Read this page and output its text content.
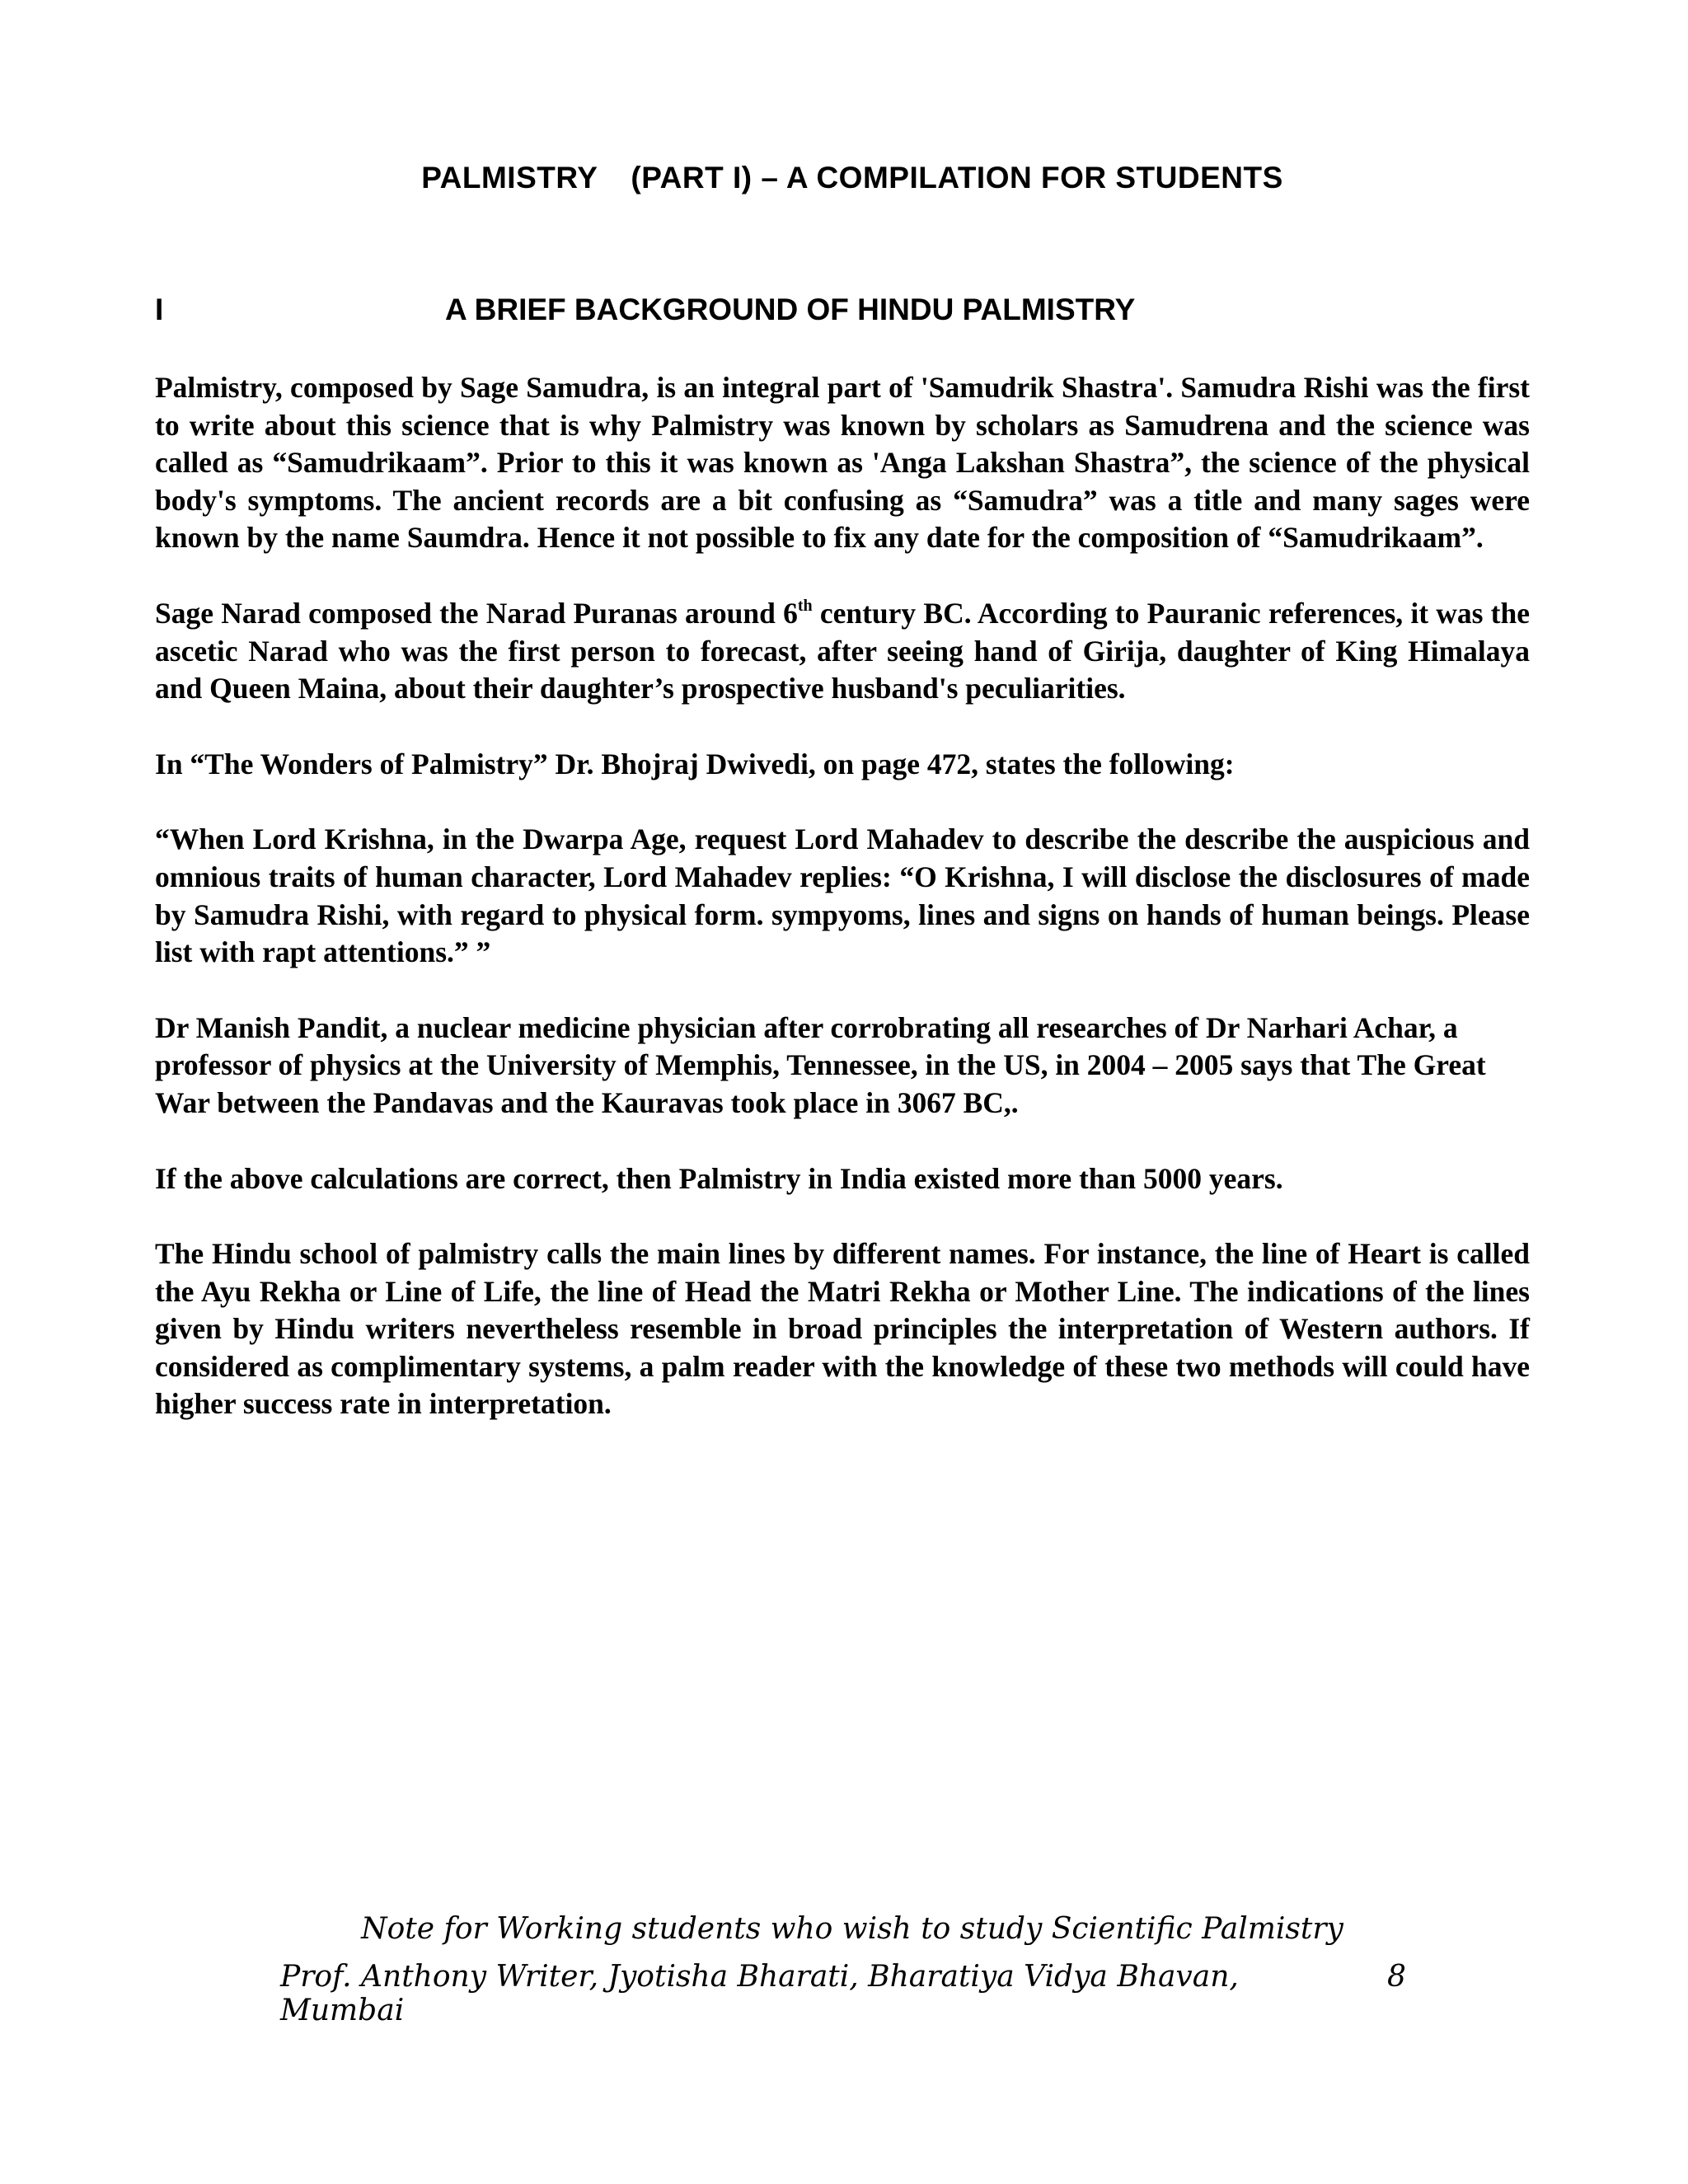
PALMISTRY (PART I) – A COMPILATION FOR STUDENTS
I	A BRIEF BACKGROUND OF HINDU PALMISTRY

Palmistry, composed by Sage Samudra, is an integral part of 'Samudrik Shastra'. Samudra Rishi was the first to write about this science that is why Palmistry was known by scholars as Samudrena and the science was called as “Samudrikaam”. Prior to this it was known as 'Anga Lakshan Shastra”, the science of the physical body's symptoms. The ancient records are a bit confusing as “Samudra” was a title and many sages were known by the name Saumdra. Hence it not possible to fix any date for the composition of “Samudrikaam”.

Sage Narad composed the Narad Puranas around 6th century BC. According to Pauranic references, it was the ascetic Narad who was the first person to forecast, after seeing hand of Girija, daughter of King Himalaya and Queen Maina, about their daughter’s prospective husband's peculiarities.

In “The Wonders of Palmistry” Dr. Bhojraj Dwivedi, on page 472, states the following:

“When Lord Krishna, in the Dwarpa Age, request Lord Mahadev to describe the describe the auspicious and omnious traits of human character, Lord Mahadev replies: “O Krishna, I will disclose the disclosures of made by Samudra Rishi, with regard to physical form. sympyoms, lines and signs on hands of human beings. Please list with rapt attentions.” ”

Dr Manish Pandit, a nuclear medicine physician after corrobrating all researches of Dr Narhari Achar, a professor of physics at the University of Memphis, Tennessee, in the US, in 2004 – 2005 says that The Great War between the Pandavas and the Kauravas took place in 3067 BC,.

If the above calculations are correct, then Palmistry in India existed more than 5000 years.

The Hindu school of palmistry calls the main lines by different names. For instance, the line of Heart is called the Ayu Rekha or Line of Life, the line of Head the Matri Rekha or Mother Line. The indications of the lines given by Hindu writers nevertheless resemble in broad principles the interpretation of Western authors. If considered as complimentary systems, a palm reader with the knowledge of these two methods will could have higher success rate in interpretation.

Note for Working students who wish to study Scientific Palmistry
Prof. Anthony Writer, Jyotisha Bharati, Bharatiya Vidya Bhavan, Mumbai
8
